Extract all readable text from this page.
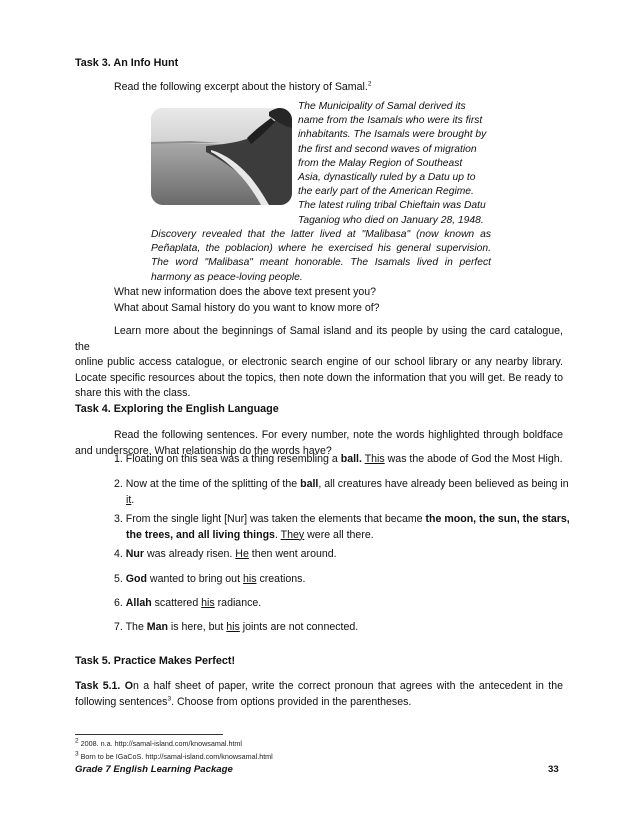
Task 3. An Info Hunt
Read the following excerpt about the history of Samal.$^2$
The Municipality of Samal derived its
name from the Isamals who were its first
inhabitants. The Isamals were brought by
the first and second waves of migration
from the Malay Region of Southeast
Asia, dynastically ruled by a Datu up to
the early part of the American Regime.
The latest ruling tribal Chieftain was Datu
Taganiog who died on January 28, 1948.
Discovery revealed that the latter lived at "Malibasa" (now known as
Peñaplata, the poblacion) where he exercised his general supervision.
The word "Malibasa" meant honorable. The Isamals lived in perfect
harmony as peace-loving people.
What new information does the above text present you?
What about Samal history do you want to know more of?
Learn more about the beginnings of Samal island and its people by using the card catalogue, the
online public access catalogue, or electronic search engine of our school library or any nearby library.
Locate specific resources about the topics, then note down the information that you will get. Be ready to
share this with the class.
Task 4. Exploring the English Language
Read the following sentences. For every number, note the words highlighted through boldface
and underscore. What relationship do the words have?
1. Floating on this sea was a thing resembling a ball. This was the abode of God the Most High.
2. Now at the time of the splitting of the ball, all creatures have already been believed as being in
it.
3. From the single light [Nur] was taken the elements that became the moon, the sun, the stars,
the trees, and all living things. They were all there.
4. Nur was already risen. He then went around.
5. God wanted to bring out his creations.
6. Allah scattered his radiance.
7. The Man is here, but his joints are not connected.
Task 5. Practice Makes Perfect!
Task 5.1. On a half sheet of paper, write the correct pronoun that agrees with the antecedent in the
following sentences$^3$. Choose from options provided in the parentheses.
$^2$ 2008. n.a. http://samal-island.com/knowsamal.html
$^3$ Born to be IGaCoS. http://samal-island.com/knowsamal.html
Grade 7 English Learning Package	33
